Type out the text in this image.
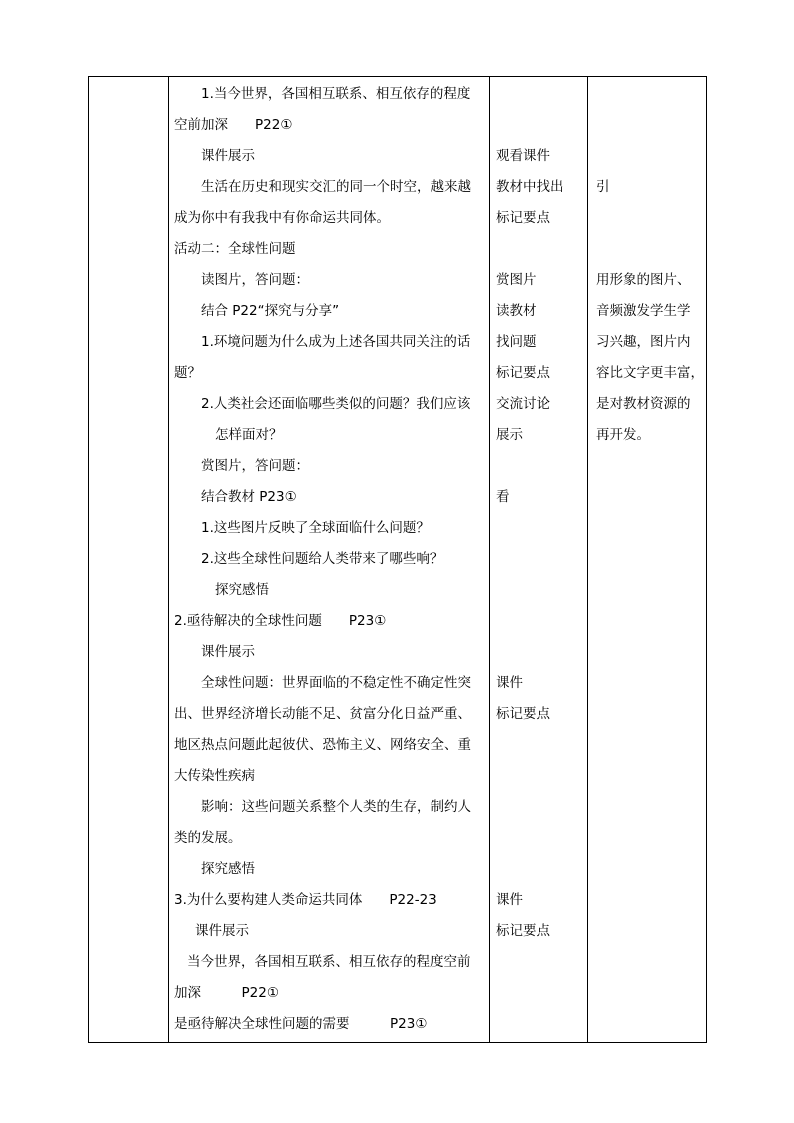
1.当今世界，各国相互联系、相互依存的程度
空前加深　　P22①
课件展示
生活在历史和现实交汇的同一个时空，越来越
成为你中有我我中有你命运共同体。
活动二：全球性问题
读图片，答问题：
结合 P22“探究与分享”
1.环境问题为什么成为上述各国共同关注的话
题？
2.人类社会还面临哪些类似的问题？我们应该
怎样面对？
赏图片，答问题：
结合教材 P23①
1.这些图片反映了全球面临什么问题？
2.这些全球性问题给人类带来了哪些响？
探究感悟
2.亟待解决的全球性问题　　P23①
课件展示
全球性问题：世界面临的不稳定性不确定性突
出、世界经济增长动能不足、贫富分化日益严重、
地区热点问题此起彼伏、恐怖主义、网络安全、重
大传染性疾病
影响：这些问题关系整个人类的生存，制约人
类的发展。
探究感悟
3.为什么要构建人类命运共同体　　P22-23
课件展示
当今世界，各国相互联系、相互依存的程度空前
加深　　　P22①
是亟待解决全球性问题的需要　　　P23①
观看课件
教材中找出
标记要点
赏图片
读教材
找问题
标记要点
交流讨论
展示
看
课件
标记要点
课件
标记要点
引
用形象的图片、
音频激发学生学
习兴趣，图片内
容比文字更丰富，
是对教材资源的
再开发。
